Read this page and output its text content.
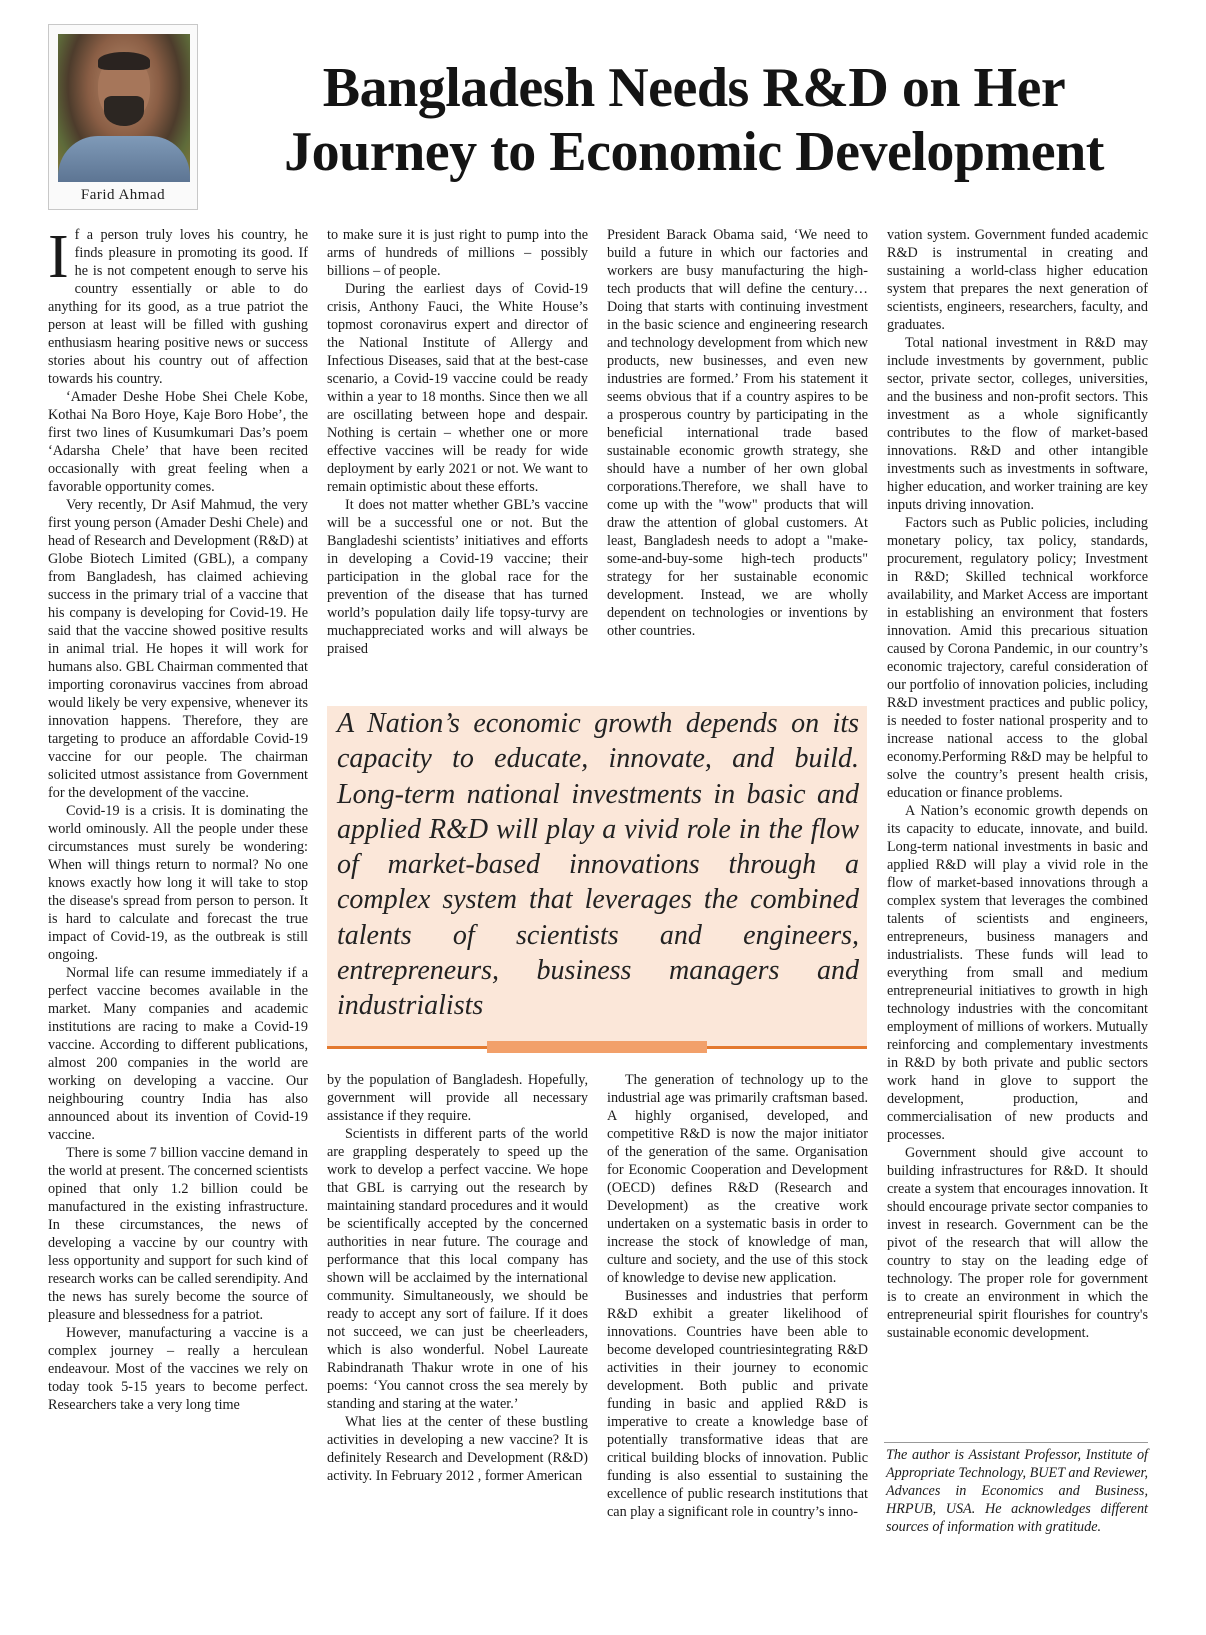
Farid Ahmad
Bangladesh Needs R&D on Her Journey to Economic Development

If a person truly loves his country, he finds pleasure in promoting its good. If he is not competent enough to serve his country essentially or able to do anything for its good, as a true patriot the person at least will be filled with gushing enthusiasm hearing positive news or success stories about his country out of affection towards his country.

‘Amader Deshe Hobe Shei Chele Kobe, Kothai Na Boro Hoye, Kaje Boro Hobe’, the first two lines of Kusumkumari Das’s poem ‘Adarsha Chele’ that have been recited occasionally with great feeling when a favorable opportunity comes.

Very recently, Dr Asif Mahmud, the very first young person (Amader Deshi Chele) and head of Research and Development (R&D) at Globe Biotech Limited (GBL), a company from Bangladesh, has claimed achieving success in the primary trial of a vaccine that his company is developing for Covid-19. He said that the vaccine showed positive results in animal trial. He hopes it will work for humans also. GBL Chairman commented that importing coronavirus vaccines from abroad would likely be very expensive, whenever its innovation happens. Therefore, they are targeting to produce an affordable Covid-19 vaccine for our people. The chairman solicited utmost assistance from Government for the development of the vaccine.

Covid-19 is a crisis. It is dominating the world ominously. All the people under these circumstances must surely be wondering: When will things return to normal? No one knows exactly how long it will take to stop the disease's spread from person to person. It is hard to calculate and forecast the true impact of Covid-19, as the outbreak is still ongoing.

Normal life can resume immediately if a perfect vaccine becomes available in the market. Many companies and academic institutions are racing to make a Covid-19 vaccine. According to different publications, almost 200 companies in the world are working on developing a vaccine. Our neighbouring country India has also announced about its invention of Covid-19 vaccine.

There is some 7 billion vaccine demand in the world at present. The concerned scientists opined that only 1.2 billion could be manufactured in the existing infrastructure. In these circumstances, the news of developing a vaccine by our country with less opportunity and support for such kind of research works can be called serendipity. And the news has surely become the source of pleasure and blessedness for a patriot.

However, manufacturing a vaccine is a complex journey – really a herculean endeavour. Most of the vaccines we rely on today took 5-15 years to become perfect. Researchers take a very long time

to make sure it is just right to pump into the arms of hundreds of millions – possibly billions – of people.

During the earliest days of Covid-19 crisis, Anthony Fauci, the White House’s topmost coronavirus expert and director of the National Institute of Allergy and Infectious Diseases, said that at the best-case scenario, a Covid-19 vaccine could be ready within a year to 18 months. Since then we all are oscillating between hope and despair. Nothing is certain – whether one or more effective vaccines will be ready for wide deployment by early 2021 or not. We want to remain optimistic about these efforts.

It does not matter whether GBL’s vaccine will be a successful one or not. But the Bangladeshi scientists’ initiatives and efforts in developing a Covid-19 vaccine; their participation in the global race for the prevention of the disease that has turned world’s population daily life topsy-turvy are muchappreciated works and will always be praised

President Barack Obama said, ‘We need to build a future in which our factories and workers are busy manufacturing the high-tech products that will define the century… Doing that starts with continuing investment in the basic science and engineering research and technology development from which new products, new businesses, and even new industries are formed.’ From his statement it seems obvious that if a country aspires to be a prosperous country by participating in the beneficial international trade based sustainable economic growth strategy, she should have a number of her own global corporations.Therefore, we shall have to come up with the "wow" products that will draw the attention of global customers. At least, Bangladesh needs to adopt a "make-some-and-buy-some high-tech products" strategy for her sustainable economic development. Instead, we are wholly dependent on technologies or inventions by other countries.

A Nation’s economic growth depends on its capacity to educate, innovate, and build. Long-term national investments in basic and applied R&D will play a vivid role in the flow of market-based innovations through a complex system that leverages the combined talents of scientists and engineers, entrepreneurs, business managers and industrialists

by the population of Bangladesh. Hopefully, government will provide all necessary assistance if they require.

Scientists in different parts of the world are grappling desperately to speed up the work to develop a perfect vaccine. We hope that GBL is carrying out the research by maintaining standard procedures and it would be scientifically accepted by the concerned authorities in near future. The courage and performance that this local company has shown will be acclaimed by the international community. Simultaneously, we should be ready to accept any sort of failure. If it does not succeed, we can just be cheerleaders, which is also wonderful. Nobel Laureate Rabindranath Thakur wrote in one of his poems: ‘You cannot cross the sea merely by standing and staring at the water.’

What lies at the center of these bustling activities in developing a new vaccine? It is definitely Research and Development (R&D) activity. In February 2012 , former American

The generation of technology up to the industrial age was primarily craftsman based. A highly organised, developed, and competitive R&D is now the major initiator of the generation of the same. Organisation for Economic Cooperation and Development (OECD) defines R&D (Research and Development) as the creative work undertaken on a systematic basis in order to increase the stock of knowledge of man, culture and society, and the use of this stock of knowledge to devise new application.

Businesses and industries that perform R&D exhibit a greater likelihood of innovations. Countries have been able to become developed countriesintegrating R&D activities in their journey to economic development. Both public and private funding in basic and applied R&D is imperative to create a knowledge base of potentially transformative ideas that are critical building blocks of innovation. Public funding is also essential to sustaining the excellence of public research institutions that can play a significant role in country’s inno-

vation system. Government funded academic R&D is instrumental in creating and sustaining a world-class higher education system that prepares the next generation of scientists, engineers, researchers, faculty, and graduates.

Total national investment in R&D may include investments by government, public sector, private sector, colleges, universities, and the business and non-profit sectors. This investment as a whole significantly contributes to the flow of market-based innovations. R&D and other intangible investments such as investments in software, higher education, and worker training are key inputs driving innovation.

Factors such as Public policies, including monetary policy, tax policy, standards, procurement, regulatory policy; Investment in R&D; Skilled technical workforce availability, and Market Access are important in establishing an environment that fosters innovation. Amid this precarious situation caused by Corona Pandemic, in our country’s economic trajectory, careful consideration of our portfolio of innovation policies, including R&D investment practices and public policy, is needed to foster national prosperity and to increase national access to the global economy.Performing R&D may be helpful to solve the country’s present health crisis, education or finance problems.

A Nation’s economic growth depends on its capacity to educate, innovate, and build. Long-term national investments in basic and applied R&D will play a vivid role in the flow of market-based innovations through a complex system that leverages the combined talents of scientists and engineers, entrepreneurs, business managers and industrialists. These funds will lead to everything from small and medium entrepreneurial initiatives to growth in high technology industries with the concomitant employment of millions of workers. Mutually reinforcing and complementary investments in R&D by both private and public sectors work hand in glove to support the development, production, and commercialisation of new products and processes.

Government should give account to building infrastructures for R&D. It should create a system that encourages innovation. It should encourage private sector companies to invest in research. Government can be the pivot of the research that will allow the country to stay on the leading edge of technology. The proper role for government is to create an environment in which the entrepreneurial spirit flourishes for country's sustainable economic development.

The author is Assistant Professor, Institute of Appropriate Technology, BUET and Reviewer, Advances in Economics and Business, HRPUB, USA. He acknowledges different sources of information with gratitude.
